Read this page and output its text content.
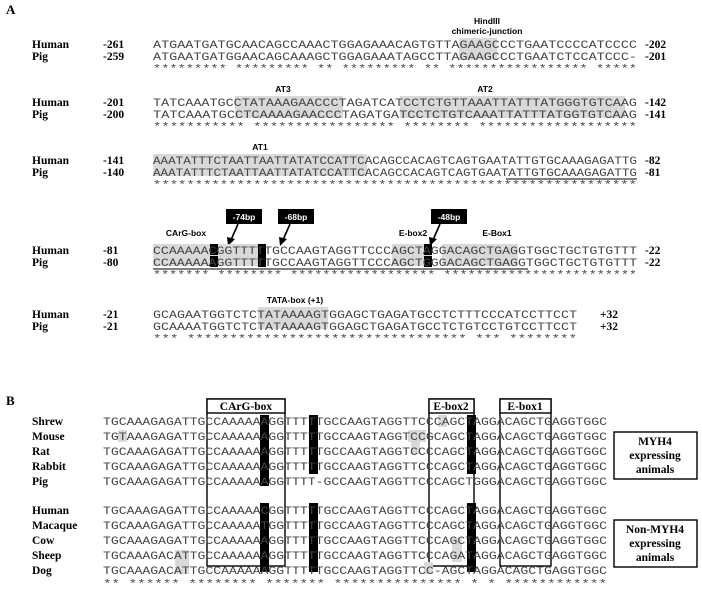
A
B
HindIII
chimeric-junction
Human	-261	ATGAATGATGCAACAGCCAAACTGGAGAAACAGTGTTAGAAGCCCTGAATCCCCATCCCC -202
Pig	-259	ATGAATGATGGAACAGCAAAGCTGGAGAAATAGCCTTAGAAGCCCTGAATCTCCATCCC- -201
********* ********* ** ********* ** ***************** *****
AT3	AT2
Human	-201	TATCAAATGCCTATAAAGAACCCTAGATCATCCTCTGTTAAATTATTTATGGGTGTCAAG -142
Pig	-200	TATCAAATGCCTCAAAAGAACCCTAGATGATCCTCTGTCAAATTATTTATGGTGTCAAG -141
*********** ***************** ******** *******************
AT1
Human	-141	AAATATTTCTAATTAATTATATCCATTCACAGCCACAGTCAGTGAATATTGTGCAAAGAGATTG -82
Pig	-140	AAATATTTCTAATTAATTATATCCATTCACAGCCACAGTCAGTGAATATTGTGCAAAGAGATTG -81
**********************************************************
-74bp	-68bp	-48bp
CArG-box	E-box2	E-Box1
Human	-81	CCAAAAACGGTTTTTGCCAAGTAGGTTCCCAGCTAGGACAGCTGAGGTGGCTGCTGTGTTT -22
Pig	-80	CCAAAAAAGGTTTTTGCCAAGTAGGTTCCCAGCTGGGACAGCTGAGGTGGCTGCTGTGTTT -22
******* ******** ****************** ************************
TATA-box (+1)
Human	-21	GCAGAATGGTCTCTATAAAAGTGGAGCTGAGATGCCTCTTTCCCATCCTTCCT +32
Pig	-21	GCAAAATGGTCTCTATAAAAGTGGAGCTGAGATGCCTCTGTCCTGTCCTTCCT +32
*** ********************************* *** ********
CArG-box	E-box2	E-box1
Shrew	TGCAAAGAGATTGCCAAAAAAGGTTTTTGCCAAGTAGGTTCCCAGCTAGGACAGCTGAGGTGGC
Mouse	TGTAAAGAGATTGCCAAAAAAGGTTTTTGCCAAGTAGGTCCGCAGCTAGGACAGCTGAGGTGGC
Rat	TGCAAAGAGATTGCCAAAAAAGGTTTTTGCCAAGTAGGTCCCCAGCTAGGACAGCTGAGGTGGC
Rabbit	TGCAAAGAGATTGCCAAAAAAGGTTTTTGCCAAGTAGGTTCCCAGCTAGGACAGCTGAGGTGGC
Pig	TGCAAAGAGATTGCCAAAAAAGGTTTT-GCCAAGTAGGTTCCCAGCTGGGACAGCTGAGGTGGC
Human	TGCAAAGAGATTGCCAAAAACGGTTTTTGCCAAGTAGGTTCCCAGCTAGGACAGCTGAGGTGGC
Macaque TGCAAAGAGATTGCCAAAAATGGTTTTTGCCAAGTAGGTTCCCAGCTAGGACAGCTGAGGTGGC
Cow	TGCAAAGAGATTGCCAAAAAAGGTTTTTGCCAAGTAGGTTCCCAGCTAGGACAGCTGAGGTGGC
Sheep	TGCAAAGACATTGCCAAAAAAGGTTTTTGCCAAGTAGGTTCCCAGATAGGACAGCTGAGGTGGC
Dog	TGCAAAGACATTGCCAAAAAAGGTTTTTGCCAAGTAGGTTCC-AGCTAGGACAGCTGAGGTGGC
** ****** ******** ******* *************** * * ************
MYH4
expressing
animals
Non-MYH4
expressing
animals
